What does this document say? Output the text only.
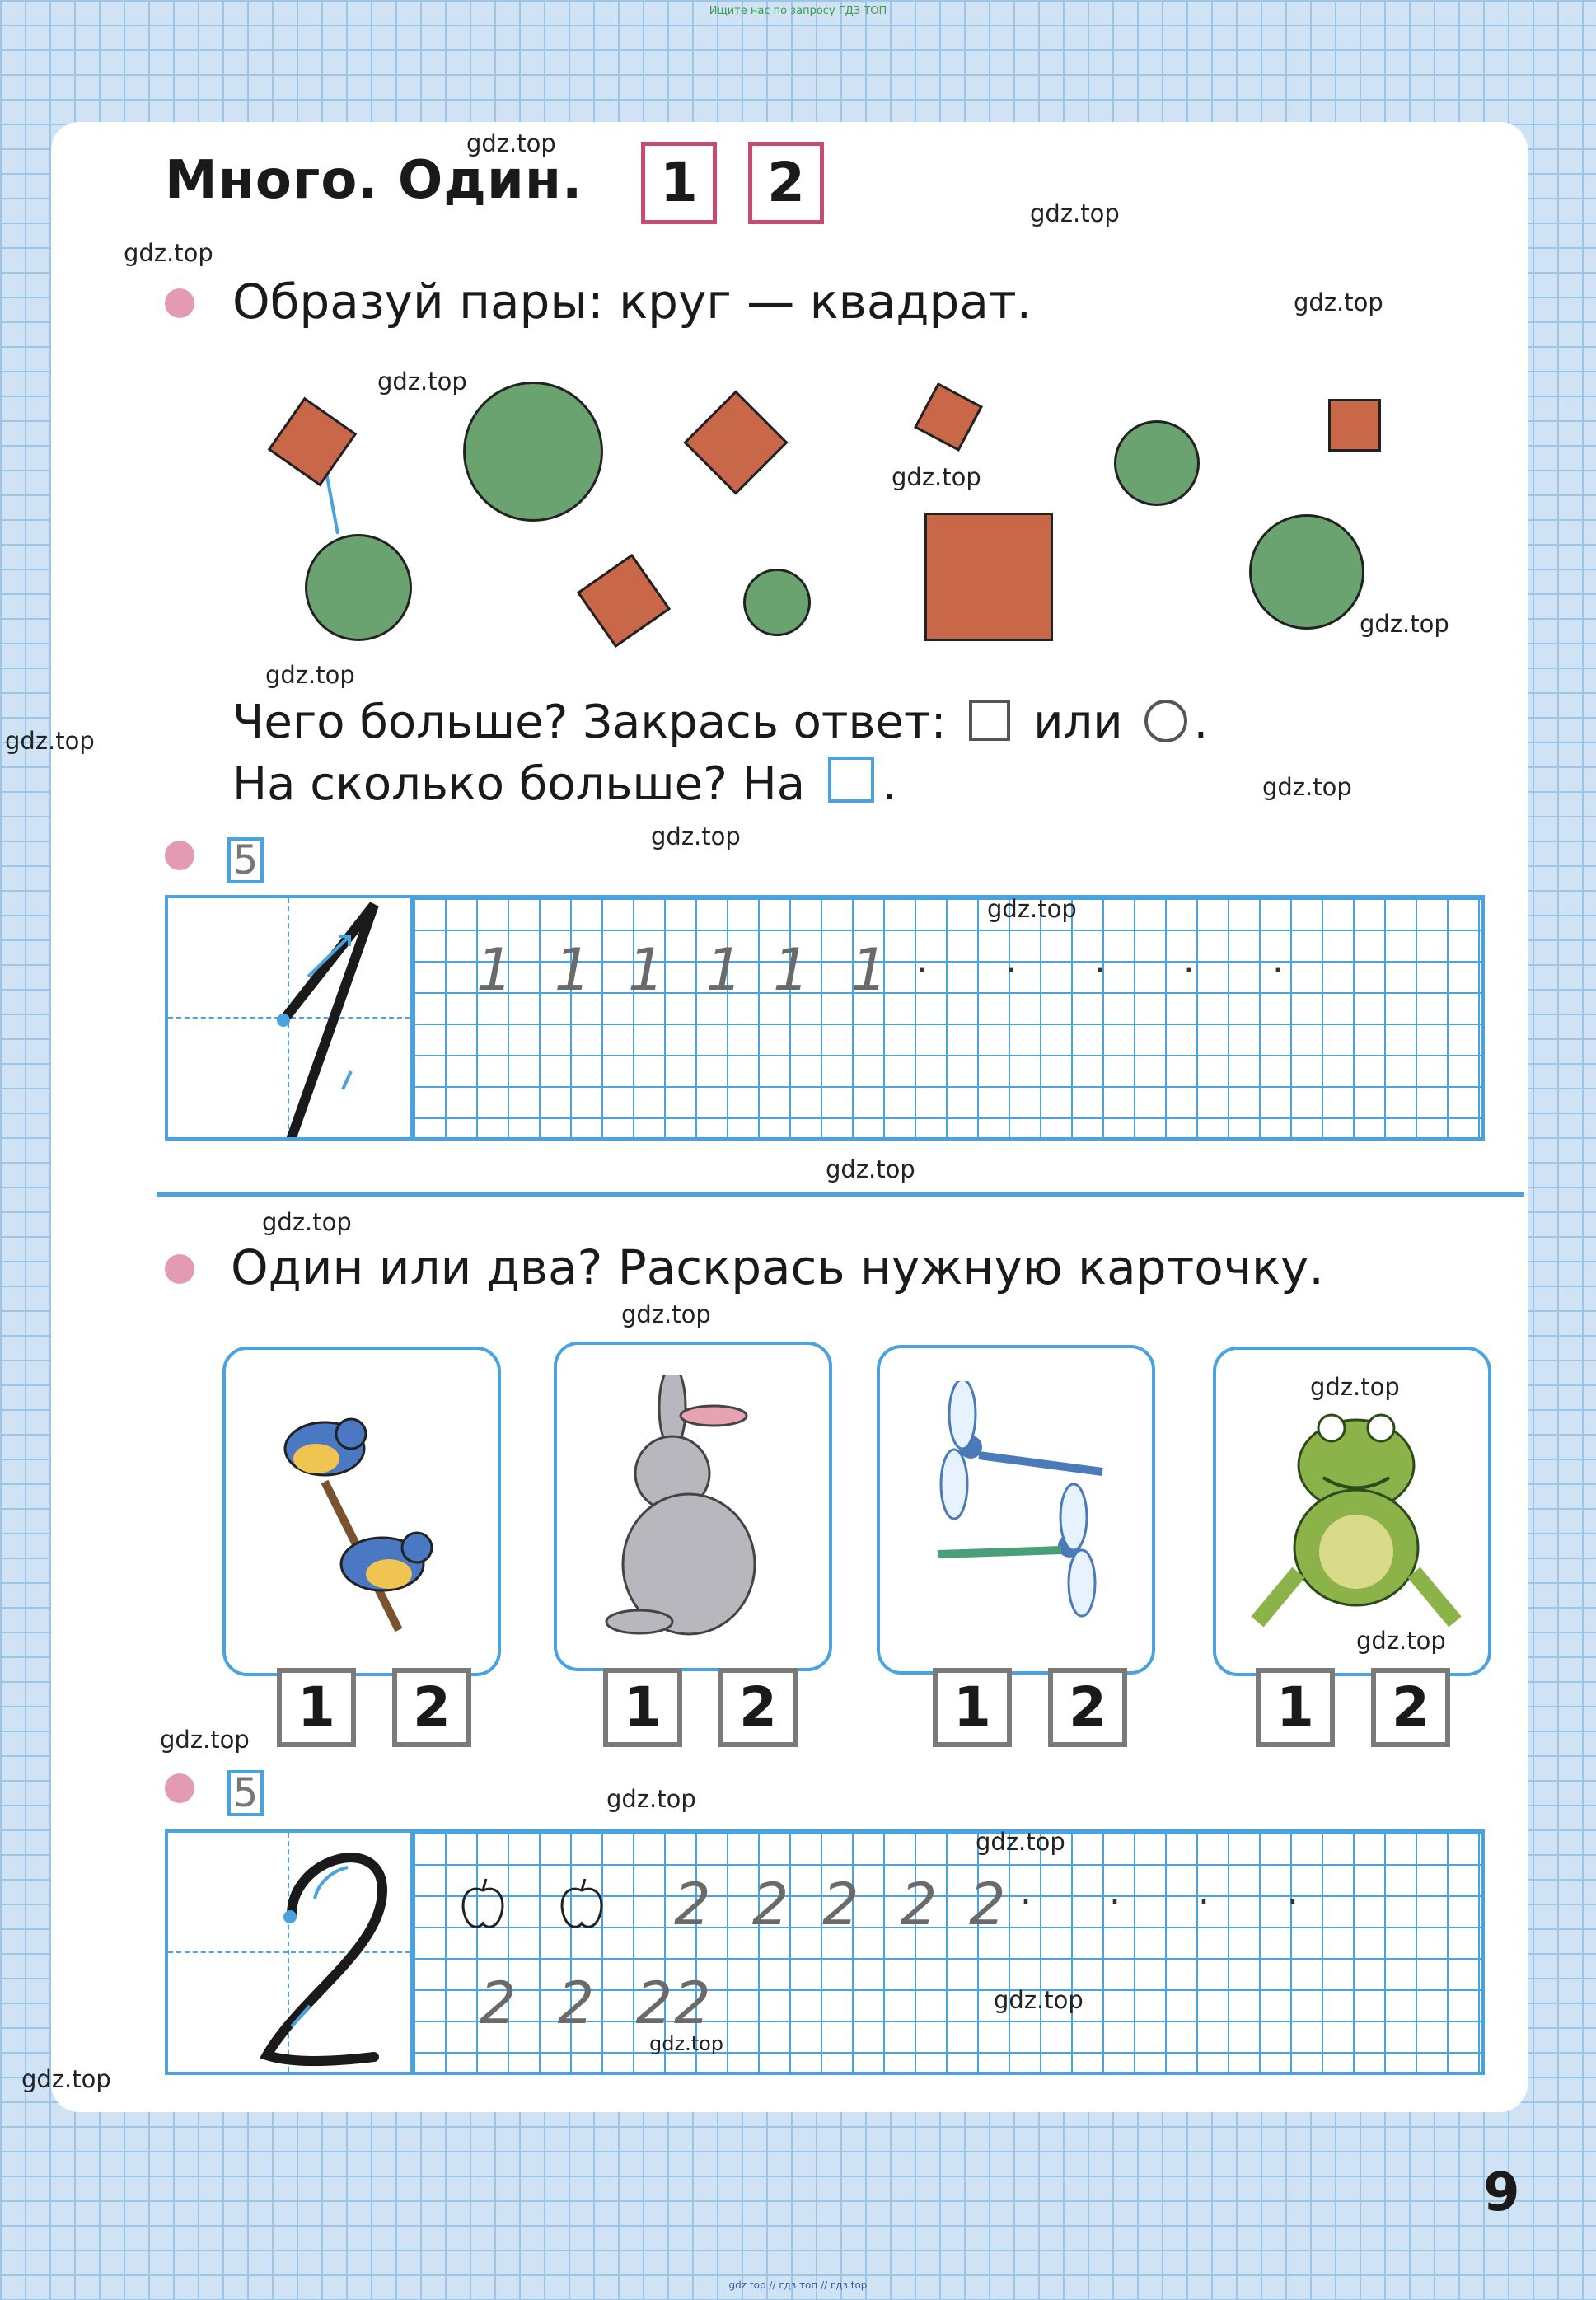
Ищите нас по запросу ГДЗ ТОП
Много. Один.	1	2
Образуй пары: круг — квадрат.
Чего больше? Закрась ответ: или .
На сколько больше? На .
5
1 1 1 1 1 1 . . . . .
Один или два? Раскрась нужную карточку.
1	2	1	2	1	2	1	2
5
2 2 2 2 2 . . . .
2 2 2
2
gdz.top
gdz.top
gdz.top
gdz.top
gdz.top
gdz.top
gdz.top
gdz.top
gdz.top
gdz.top
gdz.top
gdz.top
gdz.top
gdz.top
gdz.top
gdz.top
gdz.top
gdz.top
gdz.top
gdz.top
gdz.top
gdz.top
gdz.top
9
gdz top // гдз топ // гдз top
